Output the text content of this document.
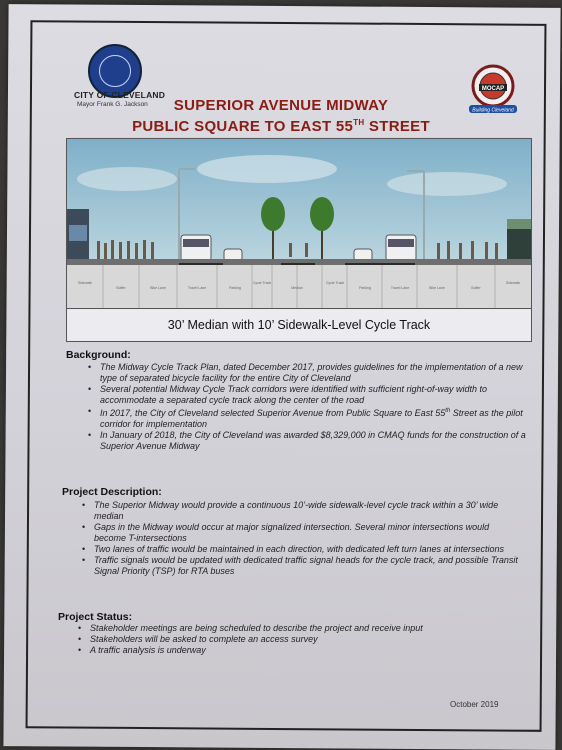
CITY OF CLEVELAND
Mayor Frank G. Jackson
MOCAP
Building Cleveland
SUPERIOR AVENUE MIDWAY
PUBLIC SQUARE TO EAST 55TH STREET
Sidewalk
Buffer	Bike Lane	Travel Lane	Parking
Cycle Track
Median
Cycle Track
Parking	Travel Lane	Bike Lane	Buffer
Sidewalk
30’ Median with 10’ Sidewalk-Level Cycle Track
Background:
• The Midway Cycle Track Plan, dated December 2017, provides guidelines for the implementation of a new type of separated bicycle facility for the entire City of Cleveland
• Several potential Midway Cycle Track corridors were identified with sufficient right-of-way width to accommodate a separated cycle track along the center of the road
• In 2017, the City of Cleveland selected Superior Avenue from Public Square to East 55th Street as the pilot corridor for implementation
• In January of 2018, the City of Cleveland was awarded $8,329,000 in CMAQ funds for the construction of a Superior Avenue Midway
Project Description:
• The Superior Midway would provide a continuous 10’-wide sidewalk-level cycle track within a 30’ wide median
• Gaps in the Midway would occur at major signalized intersection. Several minor intersections would become T-intersections
• Two lanes of traffic would be maintained in each direction, with dedicated left turn lanes at intersections
• Traffic signals would be updated with dedicated traffic signal heads for the cycle track, and possible Transit Signal Priority (TSP) for RTA buses
Project Status:
• Stakeholder meetings are being scheduled to describe the project and receive input
• Stakeholders will be asked to complete an access survey
• A traffic analysis is underway
October 2019
